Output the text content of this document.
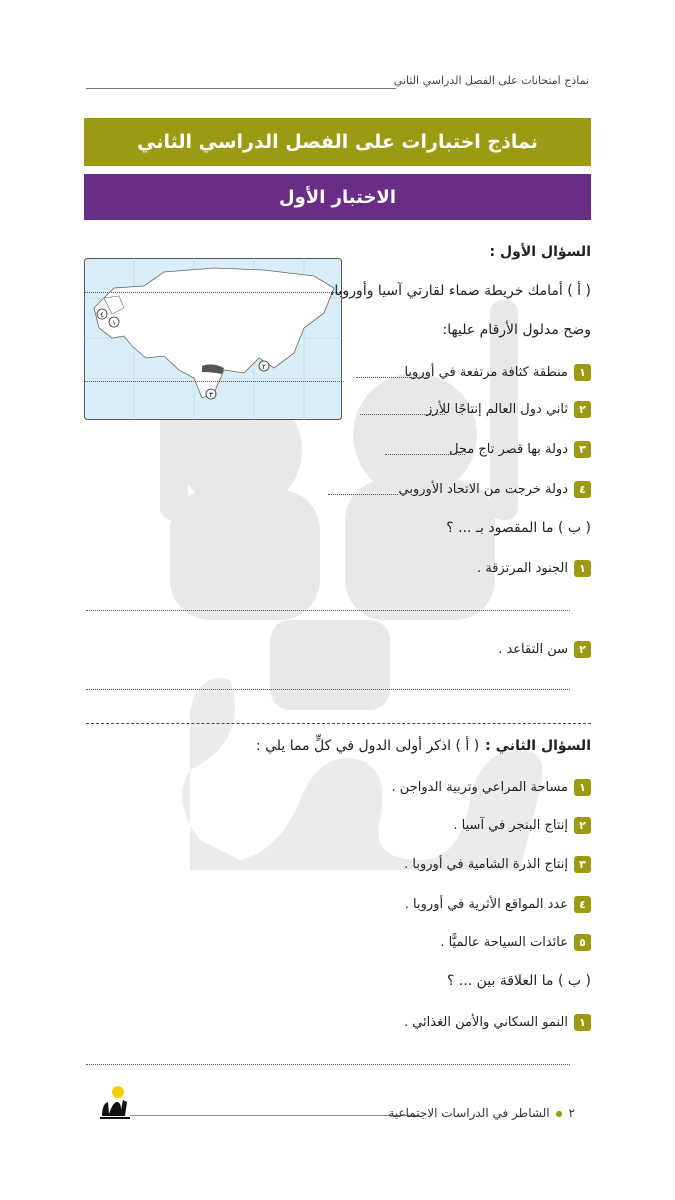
نماذج امتحانات على الفصل الدراسي الثاني
نماذج اختبارات على الفصل الدراسي الثاني
الاختبار الأول
السؤال الأول :
٤
١
٢
٣
( أ ) أمامك خريطة صماء لقارتي آسيا وأوروبا،
وضح مدلول الأرقام عليها:
١
منطقة كثافة مرتفعة في أوروبا
٢
ثاني دول العالم إنتاجًا للأرز
٣
دولة بها قصر تاج محل
٤
دولة خرجت من الاتحاد الأوروبي
( ب ) ما المقصود بـ ... ؟
١
الجنود المرتزقة .
٢
سن التقاعد .
السؤال الثاني :
( أ ) اذكر أولى الدول في كلٍّ مما يلي :
١
مساحة المراعي وتربية الدواجن .
٢
إنتاج البنجر في آسيا .
٣
إنتاج الذرة الشامية في أوروبا .
٤
عدد المواقع الأثرية في أوروبا .
٥
عائدات السياحة عالميًّا .
( ب ) ما العلاقة بين ... ؟
١
النمو السكاني والأمن الغذائي .
٢
●
الشاطر في الدراسات الاجتماعية
